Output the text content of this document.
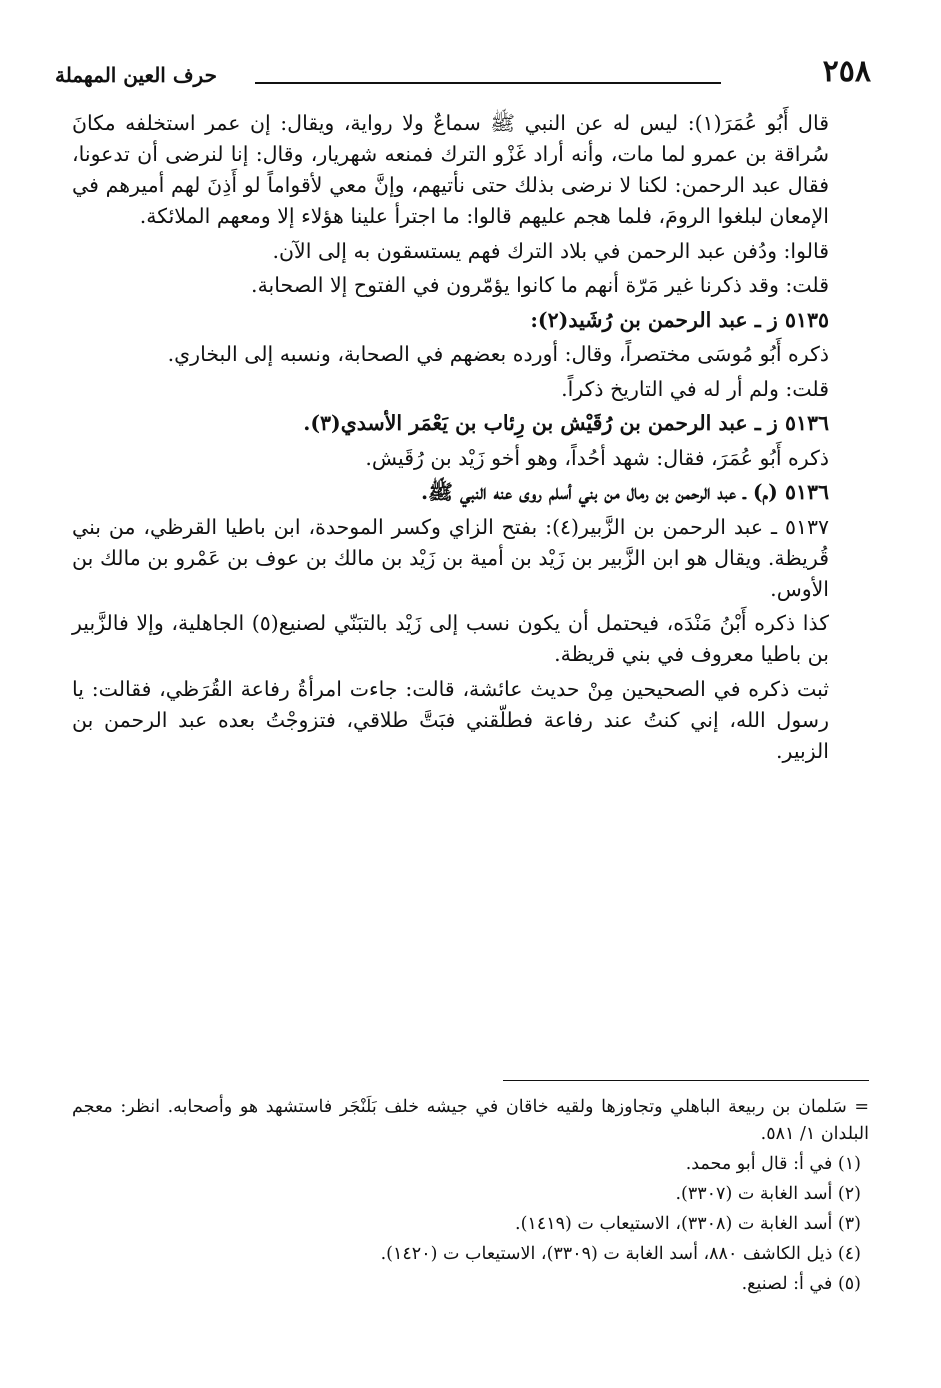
٢٥٨
حرف العين المهملة

قال أَبُو عُمَرَ(١): ليس له عن النبي ﷺ سماعٌ ولا رواية، ويقال: إن عمر استخلفه مكانَ سُراقة بن عمرو لما مات، وأنه أراد غَزْو الترك فمنعه شهريار، وقال: إنا لنرضى أن تدعونا، فقال عبد الرحمن: لكنا لا نرضى بذلك حتى نأتيهم، وإنَّ معي لأقواماً لو أَذِنَ لهم أميرهم في الإمعان لبلغوا الرومَ، فلما هجم عليهم قالوا: ما اجترأ علينا هؤلاء إلا ومعهم الملائكة.

قالوا: ودُفن عبد الرحمن في بلاد الترك فهم يستسقون به إلى الآن.

قلت: وقد ذكرنا غير مَرّة أنهم ما كانوا يؤمّرون في الفتوح إلا الصحابة.

٥١٣٥ ز ـ عبد الرحمن بن رُشَيد(٢):

ذكره أَبُو مُوسَى مختصراً، وقال: أورده بعضهم في الصحابة، ونسبه إلى البخاري.

قلت: ولم أر له في التاريخ ذكراً.

٥١٣٦ ز ـ عبد الرحمن بن رُقَيْش بن رِئاب بن يَعْمَر الأسدي(٣).

ذكره أَبُو عُمَرَ، فقال: شهد أحُداً، وهو أخو زَيْد بن رُقَيش.

٥١٣٦ (م) ـ عبد الرحمن بن رمال من بني أسلم روى عنه النبي ﷺ.

٥١٣٧ ـ عبد الرحمن بن الزَّبير(٤): بفتح الزاي وكسر الموحدة، ابن باطيا القرظي، من بني قُريظة. ويقال هو ابن الزَّبير بن زَيْد بن أمية بن زَيْد بن مالك بن عوف بن عَمْرو بن مالك بن الأوس.

كذا ذكره أَبْنُ مَنْدَه، فيحتمل أن يكون نسب إلى زَيْد بالتبَنّي لصنيع(٥) الجاهلية، وإلا فالزَّبير بن باطيا معروف في بني قريظة.

ثبت ذكره في الصحيحين مِنْ حديث عائشة، قالت: جاءت امرأةُ رفاعة القُرَظي، فقالت: يا رسول الله، إني كنتُ عند رفاعة فطلّقني فبَتَّ طلاقي، فتزوجْتُ بعده عبد الرحمن بن الزبير.

= سَلمان بن ربيعة الباهلي وتجاوزها ولقيه خاقان في جيشه خلف بَلَنْجَر فاستشهد هو وأصحابه. انظر: معجم البلدان ١/ ٥٨١.

(١) في أ: قال أبو محمد.

(٢) أسد الغابة ت (٣٣٠٧).

(٣) أسد الغابة ت (٣٣٠٨)، الاستيعاب ت (١٤١٩).

(٤) ذيل الكاشف ٨٨٠، أسد الغابة ت (٣٣٠٩)، الاستيعاب ت (١٤٢٠).

(٥) في أ: لصنيع.
